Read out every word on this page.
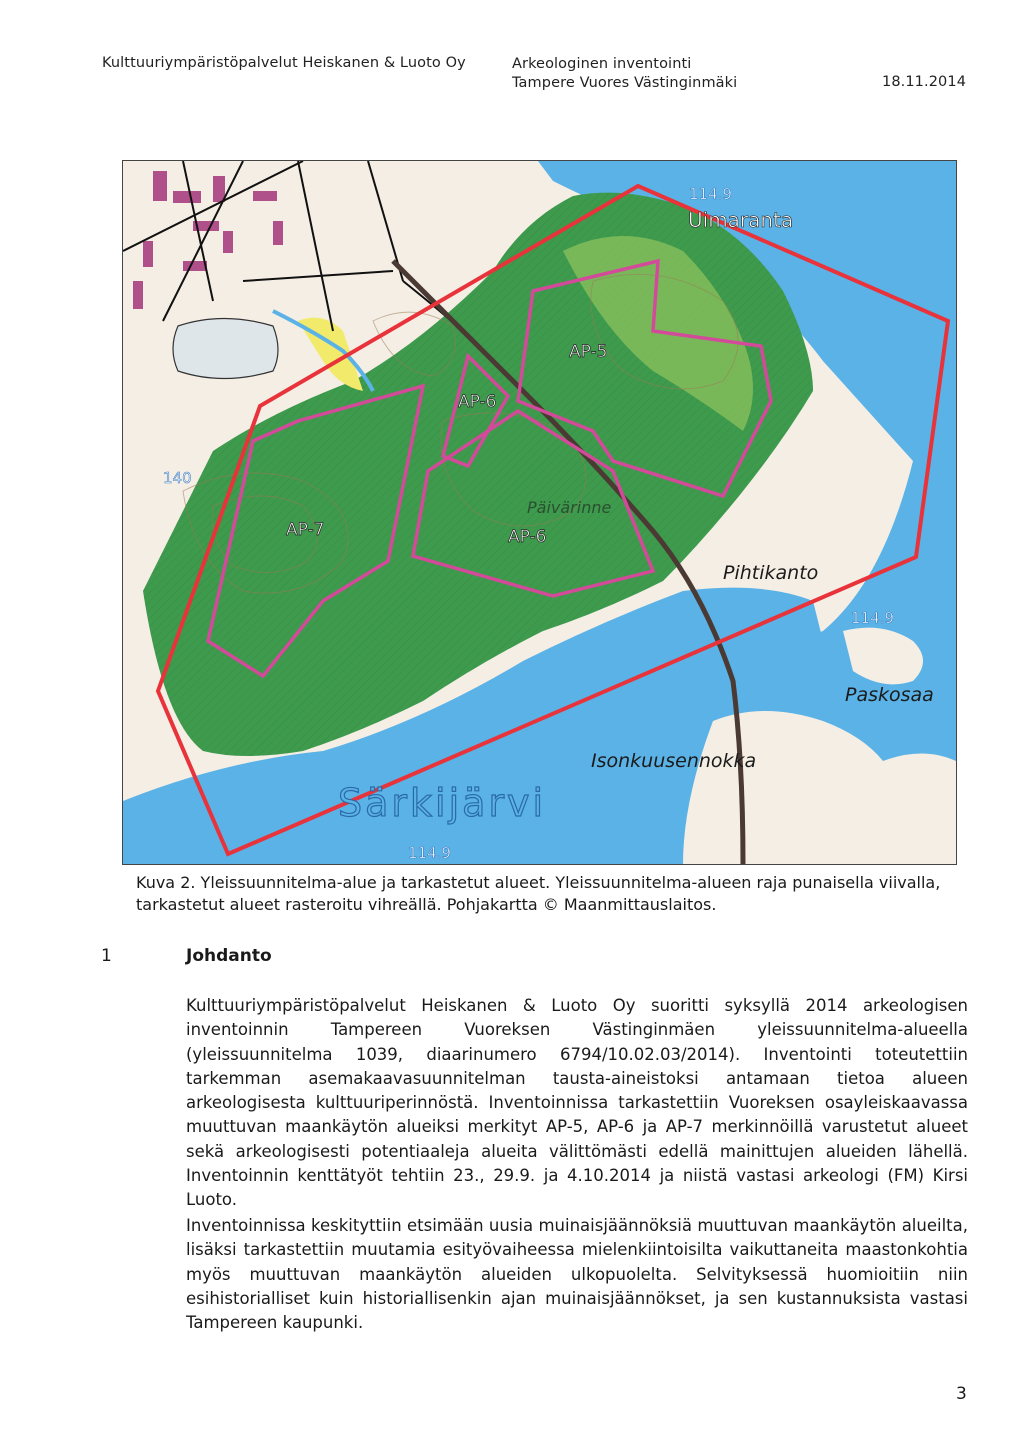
Kulttuuriympäristöpalvelut Heiskanen & Luoto Oy	Arkeologinen inventointi
Tampere Vuores Västinginmäki	18.11.2014
114.9
114.9
114.9
140
AP-5
AP-6
AP-6
AP-7
Pihtikanto
Paskosaa
Isonkuusennokka
Päivärinne
Uimaranta
Särkijärvi
Kuva 2. Yleissuunnitelma-alue ja tarkastetut alueet. Yleissuunnitelma-alueen raja punaisella viivalla, tarkastetut alueet rasteroitu vihreällä. Pohjakartta © Maanmittauslaitos.
1	Johdanto

Kulttuuriympäristöpalvelut Heiskanen & Luoto Oy suoritti syksyllä 2014 arkeologisen inventoinnin Tampereen Vuoreksen Västinginmäen yleissuunnitelma-alueella (yleissuunnitelma 1039, diaarinumero 6794/10.02.03/2014). Inventointi toteutettiin tarkemman asemakaavasuunnitelman tausta-aineistoksi antamaan tietoa alueen arkeologisesta kulttuuriperinnöstä. Inventoinnissa tarkastettiin Vuoreksen osayleiskaavassa muuttuvan maankäytön alueiksi merkityt AP-5, AP-6 ja AP-7 merkinnöillä varustetut alueet sekä arkeologisesti potentiaaleja alueita välittömästi edellä mainittujen alueiden lähellä. Inventoinnin kenttätyöt tehtiin 23., 29.9. ja 4.10.2014 ja niistä vastasi arkeologi (FM) Kirsi Luoto.

Inventoinnissa keskityttiin etsimään uusia muinaisjäännöksiä muuttuvan maankäytön alueilta, lisäksi tarkastettiin muutamia esityövaiheessa mielenkiintoisilta vaikuttaneita maastonkohtia myös muuttuvan maankäytön alueiden ulkopuolelta. Selvityksessä huomioitiin niin esihistorialliset kuin historiallisenkin ajan muinaisjäännökset, ja sen kustannuksista vastasi Tampereen kaupunki.

3
